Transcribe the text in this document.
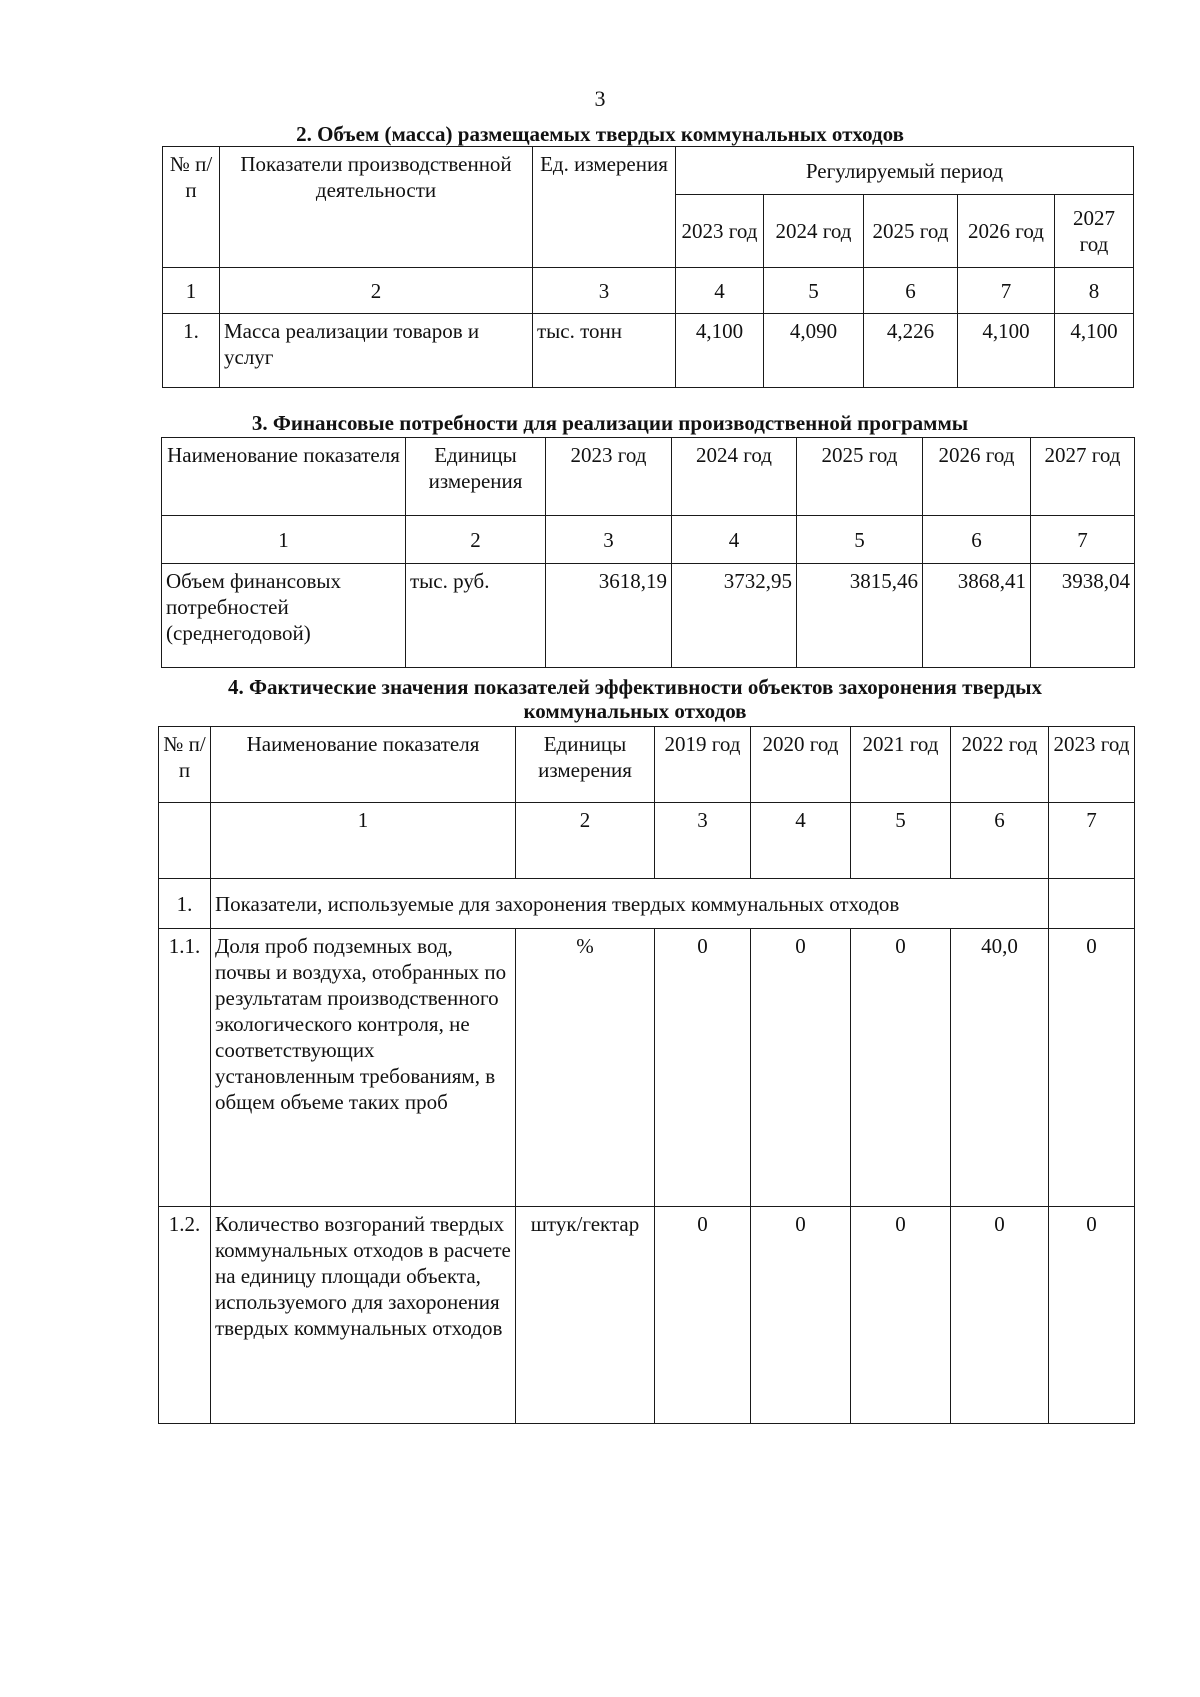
3
2. Объем (масса) размещаемых твердых коммунальных отходов
№ п/п	Показатели производственной деятельности	Ед. измерения	Регулируемый период				
			2023 год	2024 год	2025 год	2026 год	2027 год
1	2	3	4	5	6	7	8
1.	Масса реализации товаров и услуг	тыс. тонн	4,100	4,090	4,226	4,100	4,100
3. Финансовые потребности для реализации производственной программы
Наименование показателя	Единицы измерения	2023 год	2024 год	2025 год	2026 год	2027 год
1	2	3	4	5	6	7
Объем финансовых потребностей (среднегодовой)	тыс. руб.	3618,19	3732,95	3815,46	3868,41	3938,04
4. Фактические значения показателей эффективности объектов захоронения твердых
коммунальных отходов
№ п/п	Наименование показателя	Единицы измерения	2019 год	2020 год	2021 год	2022 год	2023 год
	1	2	3	4	5	6	7
1.	Показатели, используемые для захоронения твердых коммунальных отходов						
1.1.	Доля проб подземных вод, почвы и воздуха, отобранных по результатам производственного экологического контроля, не соответствующих установленным требованиям, в общем объеме таких проб	%	0	0	0	40,0	0
1.2.	Количество возгораний твердых коммунальных отходов в расчете на единицу площади объекта, используемого для захоронения твердых коммунальных отходов	штук/гектар	0	0	0	0	0
